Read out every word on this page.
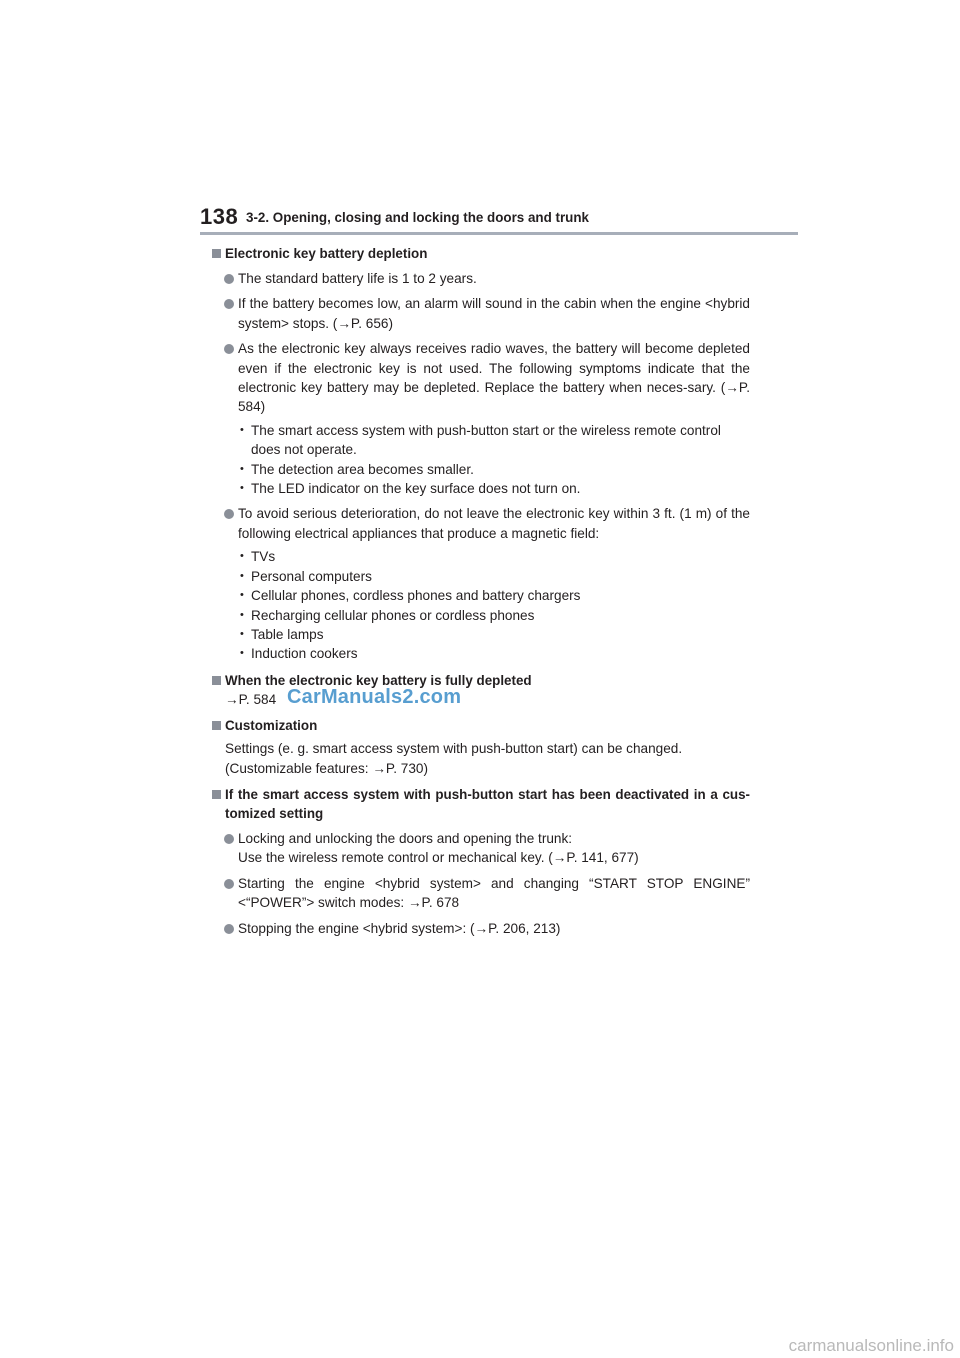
138 3-2. Opening, closing and locking the doors and trunk
Electronic key battery depletion
The standard battery life is 1 to 2 years.
If the battery becomes low, an alarm will sound in the cabin when the engine <hybrid system> stops. (→P. 656)
As the electronic key always receives radio waves, the battery will become depleted even if the electronic key is not used. The following symptoms indicate that the electronic key battery may be depleted. Replace the battery when neces-sary. (→P. 584)
• The smart access system with push-button start or the wireless remote control does not operate.
• The detection area becomes smaller.
• The LED indicator on the key surface does not turn on.
To avoid serious deterioration, do not leave the electronic key within 3 ft. (1 m) of the following electrical appliances that produce a magnetic field:
• TVs
• Personal computers
• Cellular phones, cordless phones and battery chargers
• Recharging cellular phones or cordless phones
• Table lamps
• Induction cookers
When the electronic key battery is fully depleted
→P. 584
Customization
Settings (e. g. smart access system with push-button start) can be changed.
(Customizable features: →P. 730)
If the smart access system with push-button start has been deactivated in a cus-tomized setting
Locking and unlocking the doors and opening the trunk:
Use the wireless remote control or mechanical key. (→P. 141, 677)
Starting the engine <hybrid system> and changing “START STOP ENGINE” <“POWER”> switch modes: →P. 678
Stopping the engine <hybrid system>: (→P. 206, 213)
CarManuals2.com
carmanualsonline.info
